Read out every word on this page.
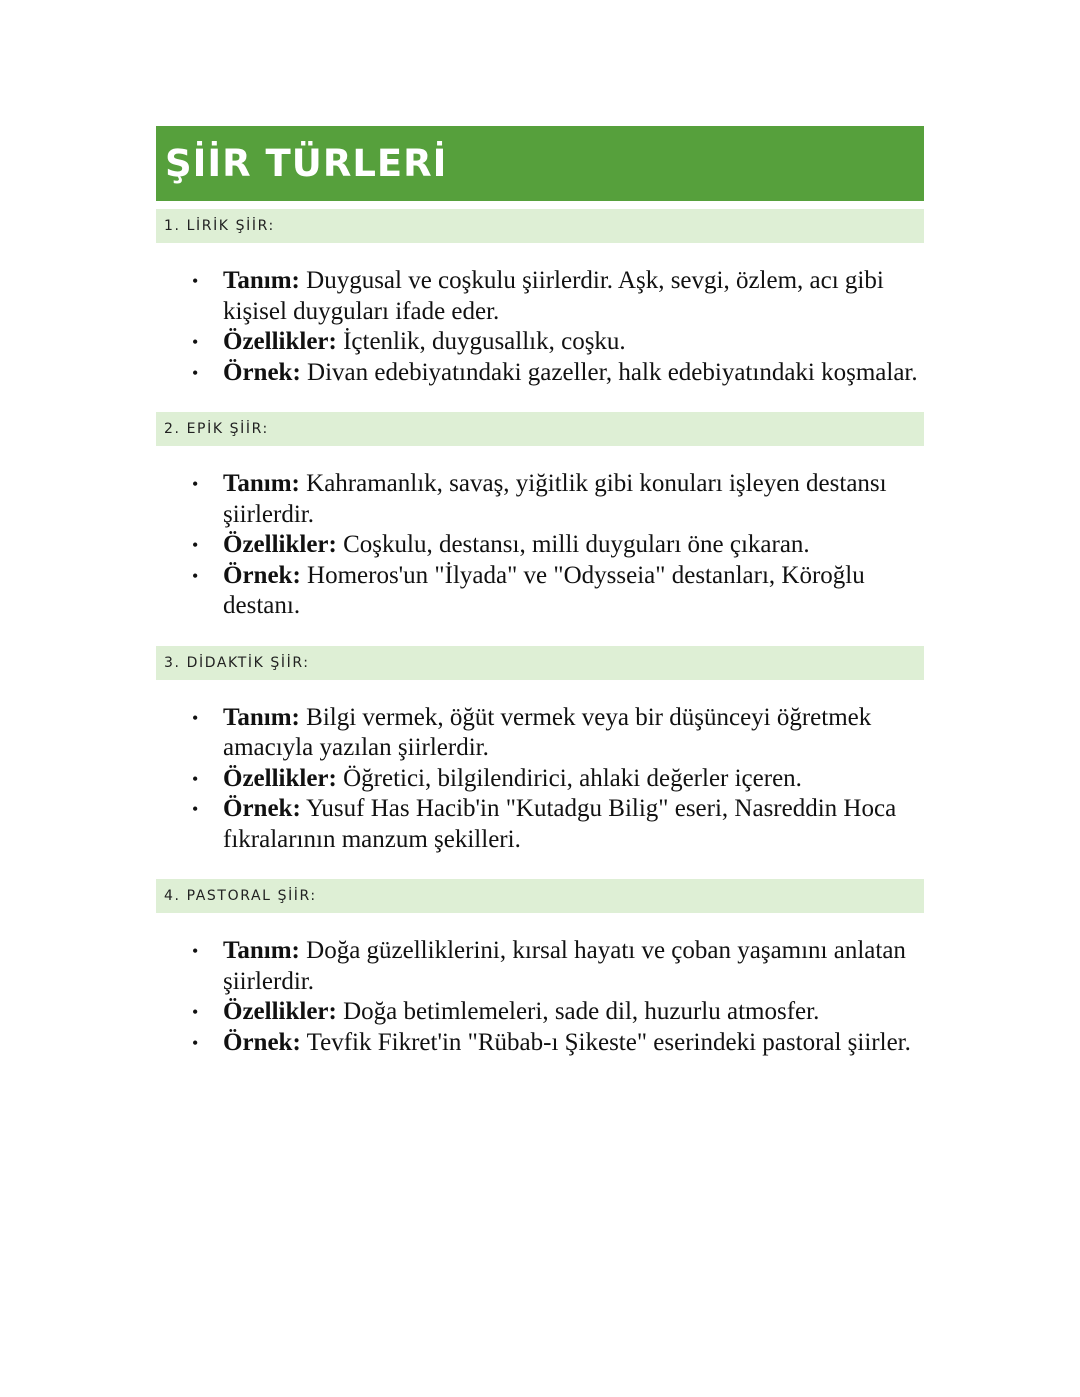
ŞİİR TÜRLERİ
1. LİRİK ŞİİR:
• Tanım: Duygusal ve coşkulu şiirlerdir. Aşk, sevgi, özlem, acı gibi kişisel duyguları ifade eder.
• Özellikler: İçtenlik, duygusallık, coşku.
• Örnek: Divan edebiyatındaki gazeller, halk edebiyatındaki koşmalar.
2. EPİK ŞİİR:
• Tanım: Kahramanlık, savaş, yiğitlik gibi konuları işleyen destansı şiirlerdir.
• Özellikler: Coşkulu, destansı, milli duyguları öne çıkaran.
• Örnek: Homeros'un "İlyada" ve "Odysseia" destanları, Köroğlu destanı.
3. DİDAKTİK ŞİİR:
• Tanım: Bilgi vermek, öğüt vermek veya bir düşünceyi öğretmek amacıyla yazılan şiirlerdir.
• Özellikler: Öğretici, bilgilendirici, ahlaki değerler içeren.
• Örnek: Yusuf Has Hacib'in "Kutadgu Bilig" eseri, Nasreddin Hoca fıkralarının manzum şekilleri.
4. PASTORAL ŞİİR:
• Tanım: Doğa güzelliklerini, kırsal hayatı ve çoban yaşamını anlatan şiirlerdir.
• Özellikler: Doğa betimlemeleri, sade dil, huzurlu atmosfer.
• Örnek: Tevfik Fikret'in "Rübab-ı Şikeste" eserindeki pastoral şiirler.
